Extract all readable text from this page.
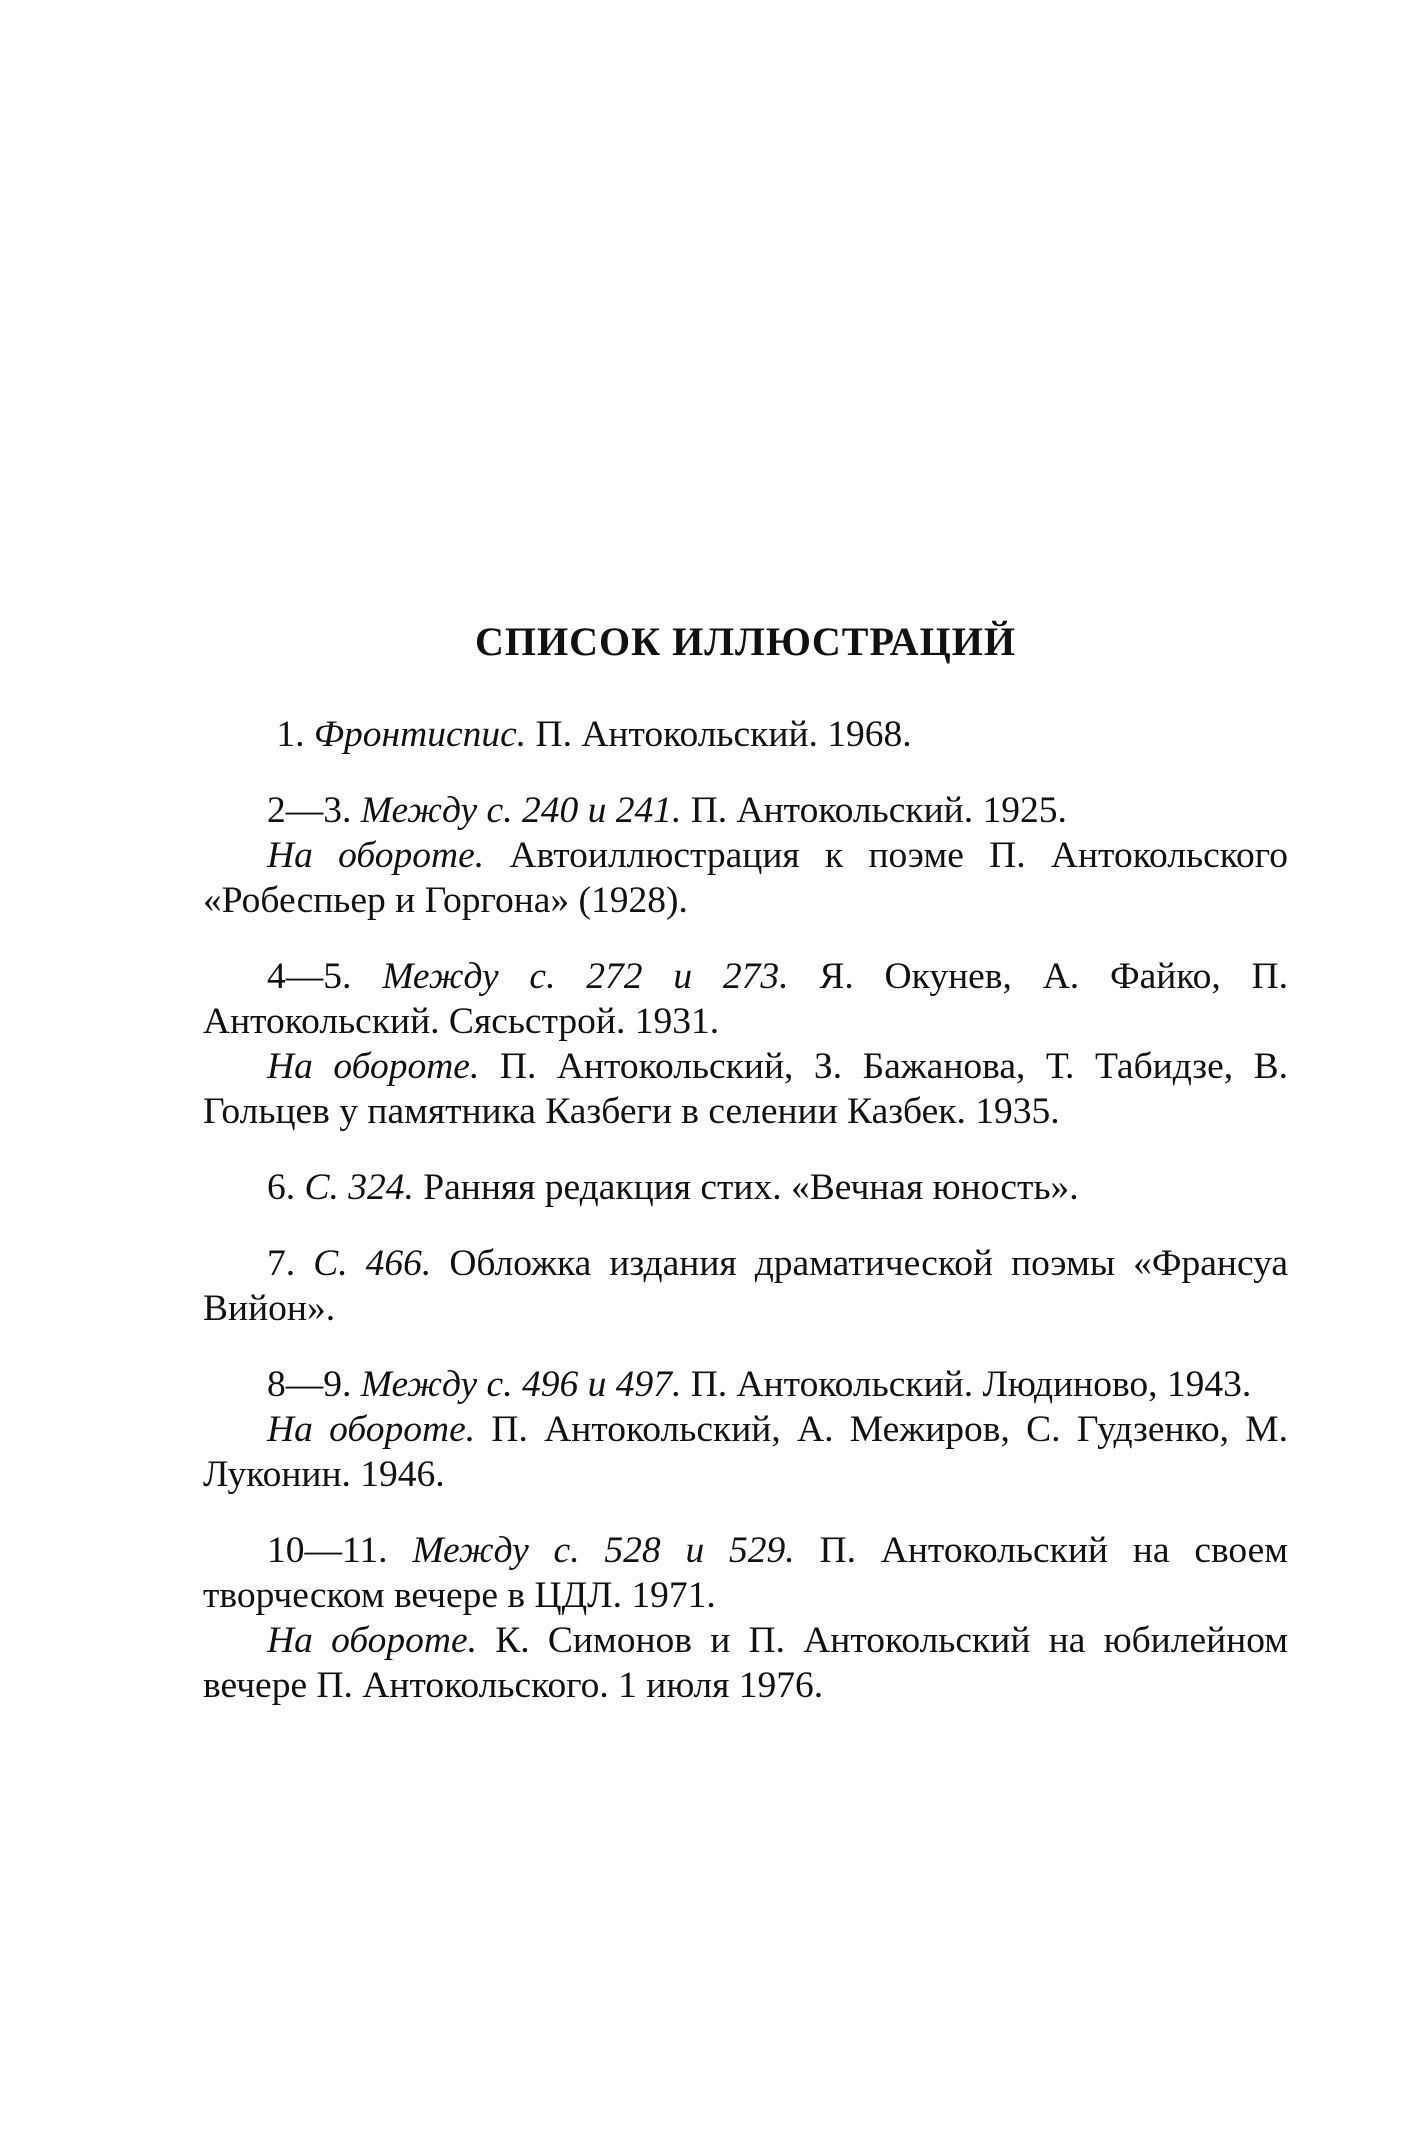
СПИСОК ИЛЛЮСТРАЦИЙ
1. Фронтиспис. П. Антокольский. 1968.
2—3. Между с. 240 и 241. П. Антокольский. 1925.
На обороте. Автоиллюстрация к поэме П. Антокольского «Робеспьер и Горгона» (1928).
4—5. Между с. 272 и 273. Я. Окунев, А. Файко, П. Антокольский. Сясьстрой. 1931.
На обороте. П. Антокольский, З. Бажанова, Т. Табидзе, В. Гольцев у памятника Казбеги в селении Казбек. 1935.
6. С. 324. Ранняя редакция стих. «Вечная юность».
7. С. 466. Обложка издания драматической поэмы «Франсуа Вийон».
8—9. Между с. 496 и 497. П. Антокольский. Людиново, 1943.
На обороте. П. Антокольский, А. Межиров, С. Гудзенко, М. Луконин. 1946.
10—11. Между с. 528 и 529. П. Антокольский на своем творческом вечере в ЦДЛ. 1971.
На обороте. К. Симонов и П. Антокольский на юбилейном вечере П. Антокольского. 1 июля 1976.
